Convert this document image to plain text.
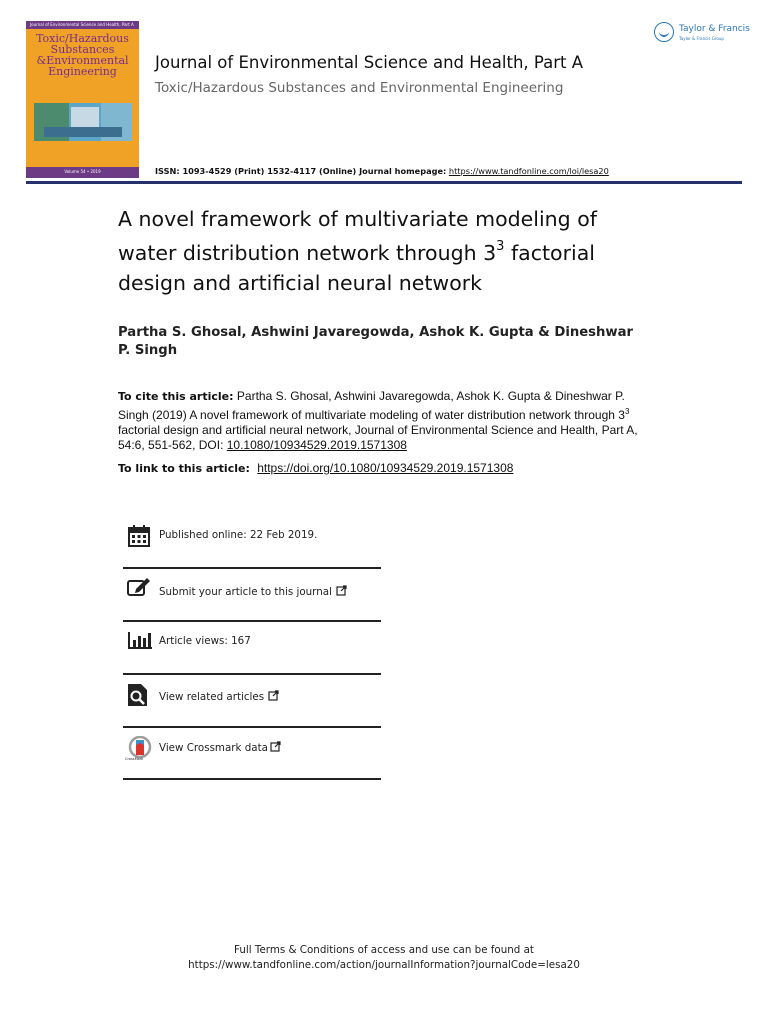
Journal of Environmental Science and Health, Part A
Toxic/Hazardous
Substances
&Environmental
Engineering
Volume 54 • 2019
Journal of Environmental Science and Health, Part A
Toxic/Hazardous Substances and Environmental Engineering
ISSN: 1093-4529 (Print) 1532-4117 (Online) Journal homepage: https://www.tandfonline.com/loi/lesa20
Taylor & Francis
Taylor & Francis Group
A novel framework of multivariate modeling of
water distribution network through $3^3$ factorial
design and artificial neural network
Partha S. Ghosal, Ashwini Javaregowda, Ashok K. Gupta & Dineshwar P. Singh
To cite this article: Partha S. Ghosal, Ashwini Javaregowda, Ashok K. Gupta & Dineshwar P. Singh (2019) A novel framework of multivariate modeling of water distribution network through $3^3$ factorial design and artificial neural network, Journal of Environmental Science and Health, Part A, 54:6, 551-562, DOI: 10.1080/10934529.2019.1571308
To link to this article: https://doi.org/10.1080/10934529.2019.1571308
Published online: 22 Feb 2019.
Submit your article to this journal
Article views: 167
View related articles
CrossMark
View Crossmark data
Full Terms & Conditions of access and use can be found at
https://www.tandfonline.com/action/journalInformation?journalCode=lesa20
